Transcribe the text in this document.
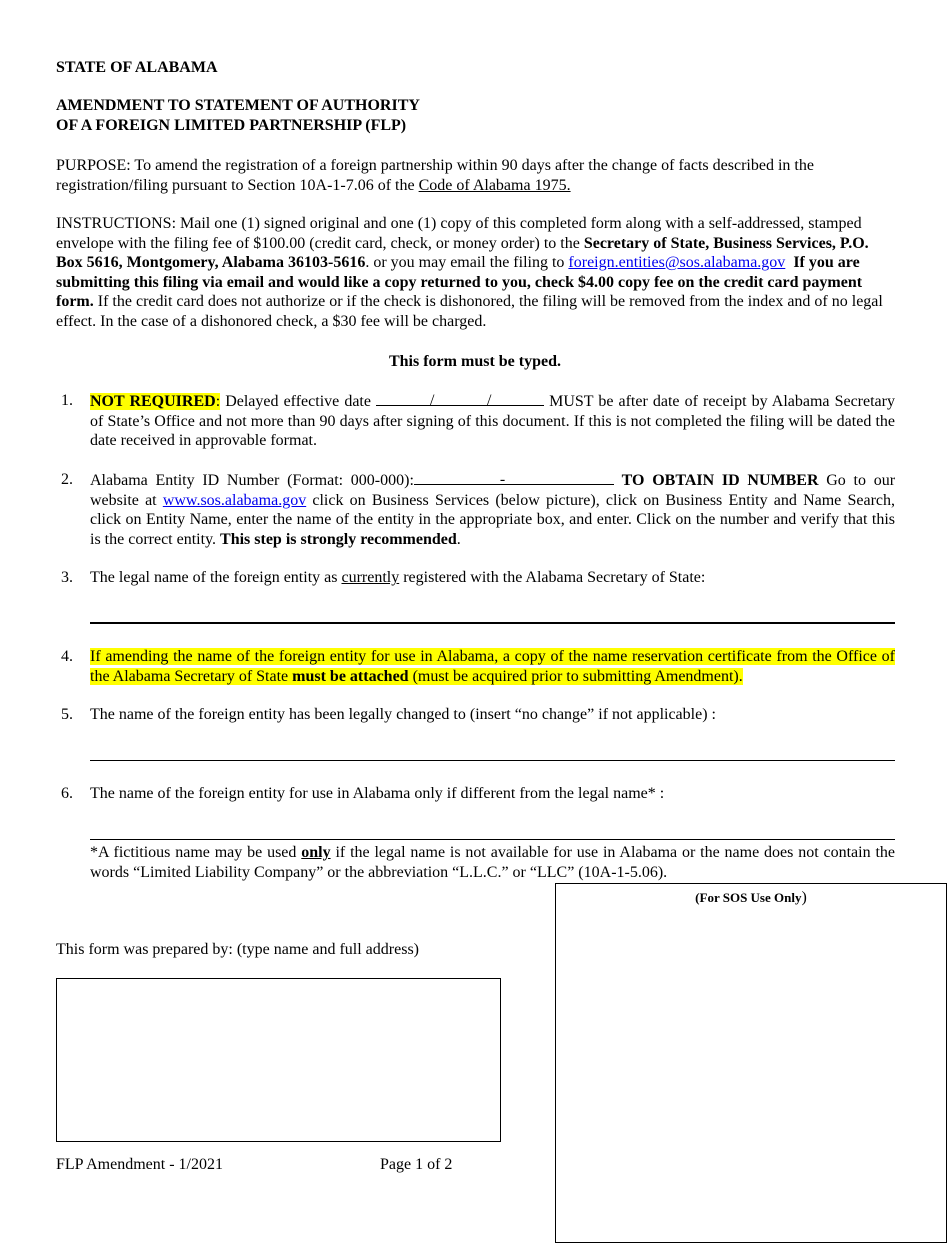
STATE OF ALABAMA
AMENDMENT TO STATEMENT OF AUTHORITY
OF A FOREIGN LIMITED PARTNERSHIP (FLP)
PURPOSE: To amend the registration of a foreign partnership within 90 days after the change of facts described in the registration/filing pursuant to Section 10A-1-7.06 of the Code of Alabama 1975.
INSTRUCTIONS: Mail one (1) signed original and one (1) copy of this completed form along with a self-addressed, stamped envelope with the filing fee of $100.00 (credit card, check, or money order) to the Secretary of State, Business Services, P.O. Box 5616, Montgomery, Alabama 36103-5616. or you may email the filing to foreign.entities@sos.alabama.gov If you are submitting this filing via email and would like a copy returned to you, check $4.00 copy fee on the credit card payment form. If the credit card does not authorize or if the check is dishonored, the filing will be removed from the index and of no legal effect. In the case of a dishonored check, a $30 fee will be charged.
This form must be typed.
1. NOT REQUIRED: Delayed effective date	/	/	MUST be after date of receipt by Alabama Secretary of State’s Office and not more than 90 days after signing of this document. If this is not completed the filing will be dated the date received in approvable format.
2. Alabama Entity ID Number (Format: 000-000):	-	TO OBTAIN ID NUMBER Go to our website at www.sos.alabama.gov click on Business Services (below picture), click on Business Entity and Name Search, click on Entity Name, enter the name of the entity in the appropriate box, and enter. Click on the number and verify that this is the correct entity. This step is strongly recommended.
3. The legal name of the foreign entity as currently registered with the Alabama Secretary of State:
4. If amending the name of the foreign entity for use in Alabama, a copy of the name reservation certificate from the Office of the Alabama Secretary of State must be attached (must be acquired prior to submitting Amendment).
5. The name of the foreign entity has been legally changed to (insert “no change” if not applicable) :
6. The name of the foreign entity for use in Alabama only if different from the legal name* :
*A fictitious name may be used only if the legal name is not available for use in Alabama or the name does not contain the words “Limited Liability Company” or the abbreviation “L.L.C.” or “LLC” (10A-1-5.06).
(For SOS Use Only)
This form was prepared by: (type name and full address)
FLP Amendment - 1/2021	Page 1 of 2
